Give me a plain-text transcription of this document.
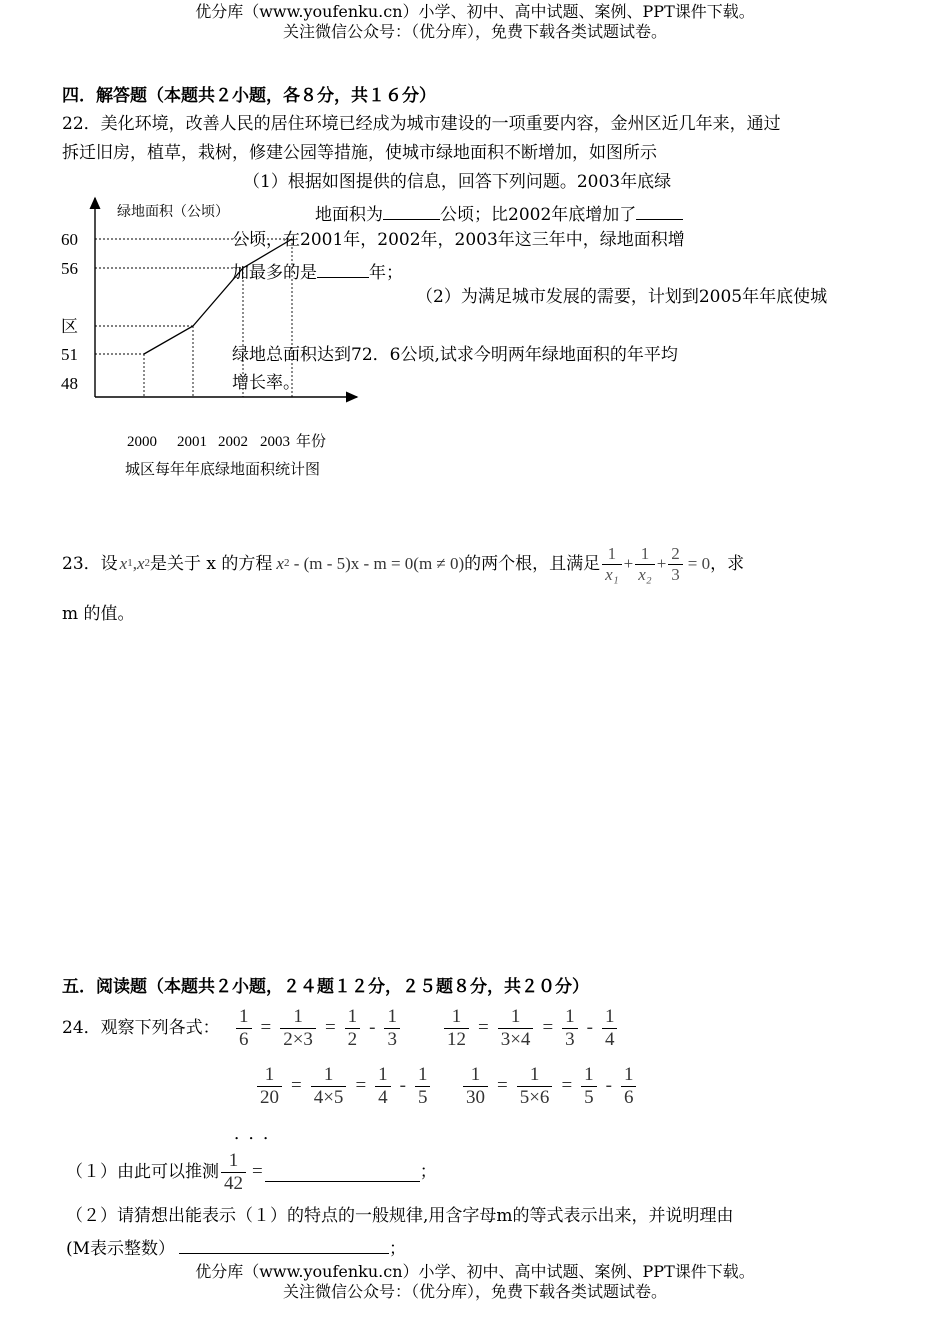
优分库（www.youfenku.cn）小学、初中、高中试题、案例、PPT课件下载。
关注微信公众号：（优分库），免费下载各类试题试卷。
四．解答题（本题共２小题，各８分，共１６分）
22．美化环境，改善人民的居住环境已经成为城市建设的一项重要内容，金州区近几年来，通过
拆迁旧房，植草，栽树，修建公园等措施，使城市绿地面积不断增加，如图所示
绿地面积（公顷）
60
56
区
51
48
2000 2001 2002 2003 年份
城区每年年底绿地面积统计图
（1）根据如图提供的信息，回答下列问题。2003年底绿
地面积为	公顷；比2002年底增加了
公顷，在2001年，2002年，2003年这三年中，绿地面积增
加最多的是	年；
（2）为满足城市发展的需要，计划到2005年年底使城
绿地总面积达到72．6公顷,试求今明两年绿地面积的年平均
增长率。
23．设 x 1 , x 2 是关于 x 的方程 x 2 - (m - 5)x - m = 0(m ≠ 0) 的两个根，且满足 $\frac{1}{\text{x₁}} + \frac{1}{\text{x₂}} + \frac{2}{3} = 0$ ，求
m 的值。
五．阅读题（本题共２小题，２４题１２分，２５题８分，共２０分）
24．观察下列各式： $\frac{1}{6} = \frac{1}{2\times 3} = \frac{1}{2} - \frac{1}{3} \frac{1}{12} = \frac{1}{3\times 4} = \frac{1}{3} - \frac{1}{4}$
$\frac{1}{20} = \frac{1}{4\times 5} = \frac{1}{4} - \frac{1}{5} \frac{1}{30} = \frac{1}{5\times 6} = \frac{1}{5} - \frac{1}{6}$
．．．
（１）由此可以推测 $\frac{1}{42}$ =	；
（２）请猜想出能表示（１）的特点的一般规律,用含字母m的等式表示出来，并说明理由
(M表示整数）	；
优分库（www.youfenku.cn）小学、初中、高中试题、案例、PPT课件下载。
关注微信公众号：（优分库），免费下载各类试题试卷。
